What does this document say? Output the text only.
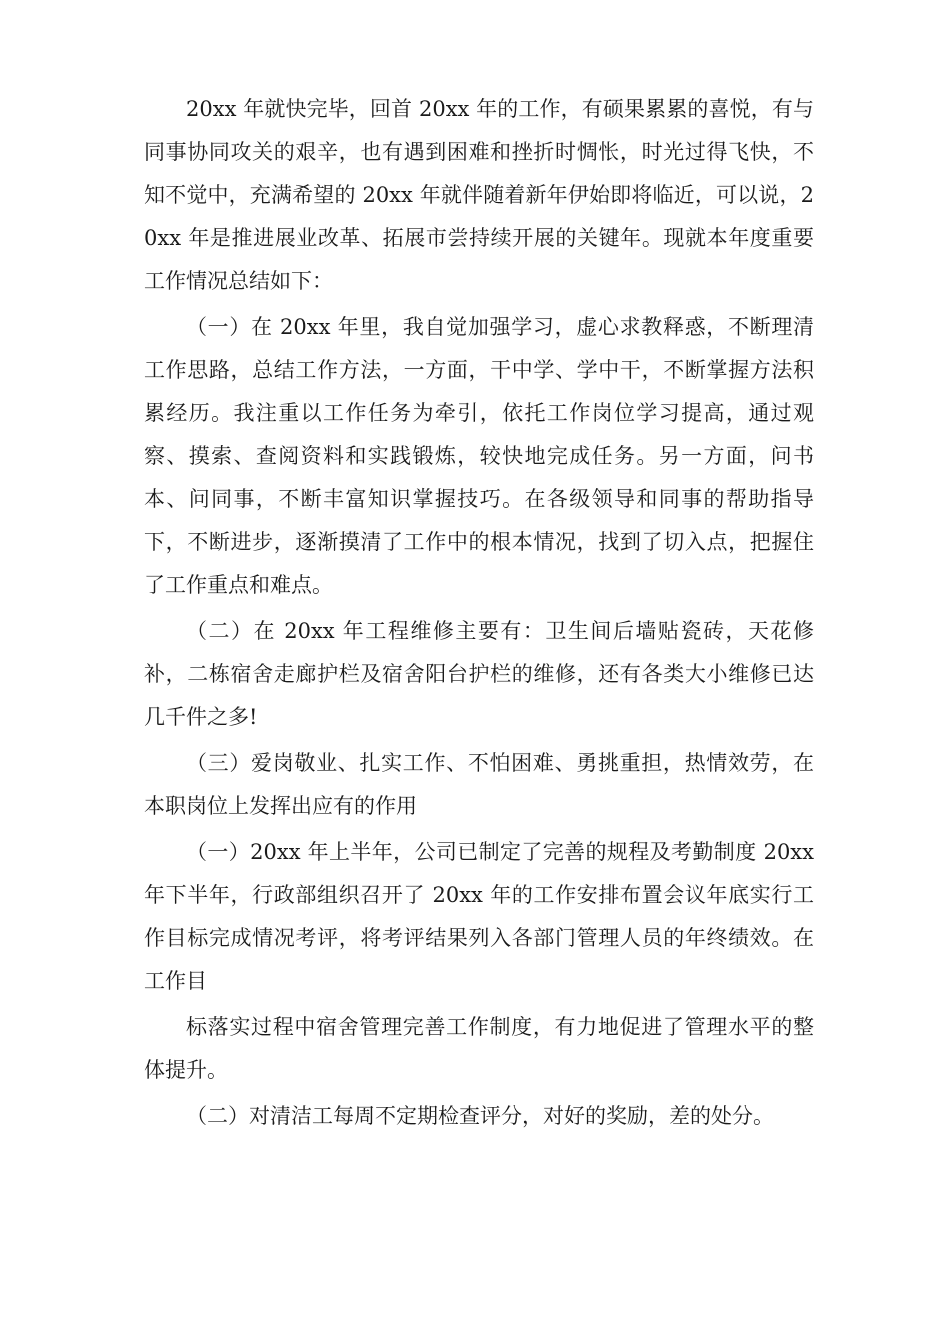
20xx 年就快完毕，回首 20xx 年的工作，有硕果累累的喜悦，有与同事协同攻关的艰辛，也有遇到困难和挫折时惆怅，时光过得飞快，不知不觉中，充满希望的 20xx 年就伴随着新年伊始即将临近，可以说，20xx 年是推进展业改革、拓展市尝持续开展的关键年。现就本年度重要工作情况总结如下：

（一）在 20xx 年里，我自觉加强学习，虚心求教释惑，不断理清工作思路，总结工作方法，一方面，干中学、学中干，不断掌握方法积累经历。我注重以工作任务为牵引，依托工作岗位学习提高，通过观察、摸索、查阅资料和实践锻炼，较快地完成任务。另一方面，问书本、问同事，不断丰富知识掌握技巧。在各级领导和同事的帮助指导下，不断进步，逐渐摸清了工作中的根本情况，找到了切入点，把握住了工作重点和难点。

（二）在 20xx 年工程维修主要有：卫生间后墙贴瓷砖，天花修补，二栋宿舍走廊护栏及宿舍阳台护栏的维修，还有各类大小维修已达几千件之多!

（三）爱岗敬业、扎实工作、不怕困难、勇挑重担，热情效劳，在本职岗位上发挥出应有的作用

（一）20xx 年上半年，公司已制定了完善的规程及考勤制度 20xx 年下半年，行政部组织召开了 20xx 年的工作安排布置会议年底实行工作目标完成情况考评，将考评结果列入各部门管理人员的年终绩效。在工作目

标落实过程中宿舍管理完善工作制度，有力地促进了管理水平的整体提升。

（二）对清洁工每周不定期检查评分，对好的奖励，差的处分。
